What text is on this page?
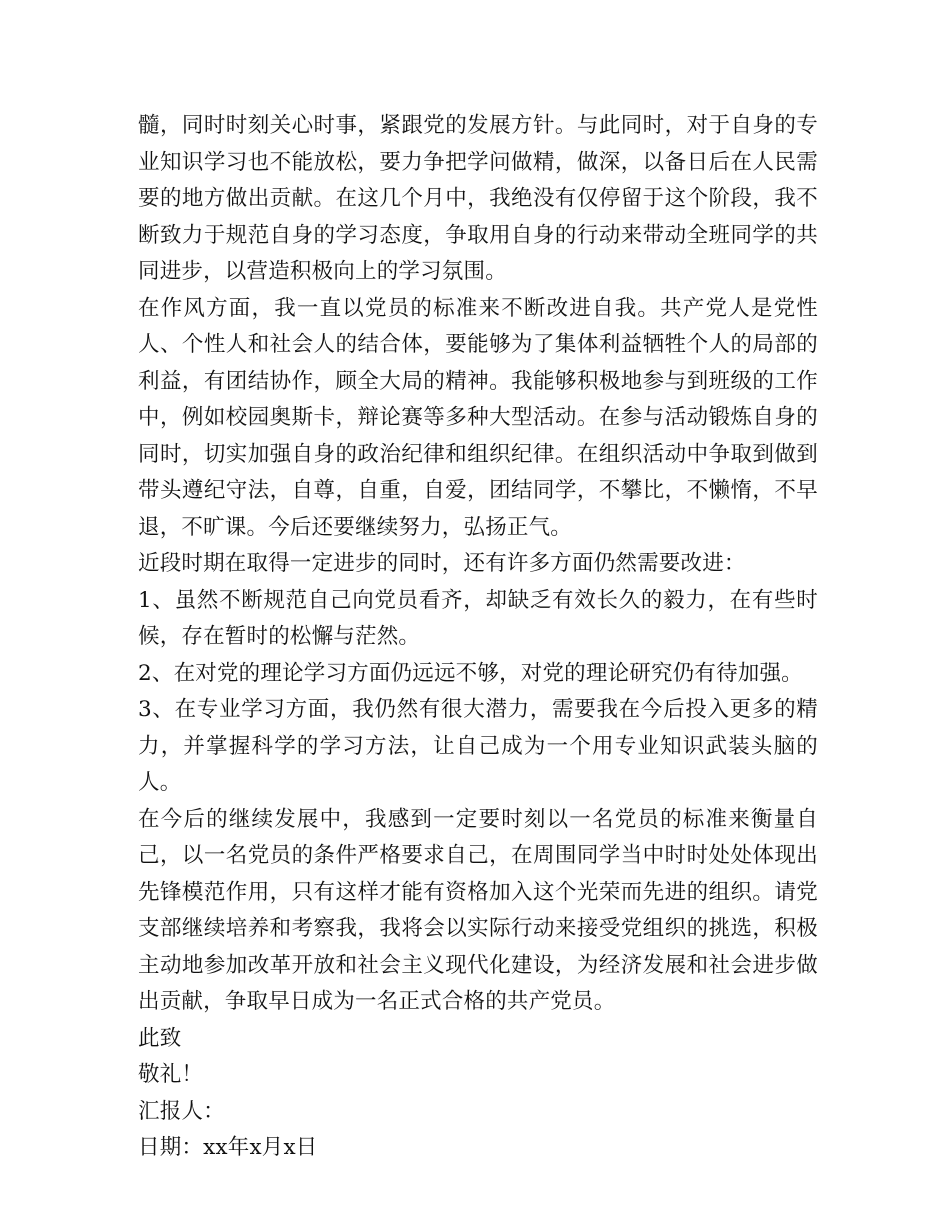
髓，同时时刻关心时事，紧跟党的发展方针。与此同时，对于自身的专业知识学习也不能放松，要力争把学问做精，做深，以备日后在人民需要的地方做出贡献。在这几个月中，我绝没有仅停留于这个阶段，我不断致力于规范自身的学习态度，争取用自身的行动来带动全班同学的共同进步，以营造积极向上的学习氛围。

在作风方面，我一直以党员的标准来不断改进自我。共产党人是党性人、个性人和社会人的结合体，要能够为了集体利益牺牲个人的局部的利益，有团结协作，顾全大局的精神。我能够积极地参与到班级的工作中，例如校园奥斯卡，辩论赛等多种大型活动。在参与活动锻炼自身的同时，切实加强自身的政治纪律和组织纪律。在组织活动中争取到做到带头遵纪守法，自尊，自重，自爱，团结同学，不攀比，不懒惰，不早退，不旷课。今后还要继续努力，弘扬正气。

近段时期在取得一定进步的同时，还有许多方面仍然需要改进：

1、虽然不断规范自己向党员看齐，却缺乏有效长久的毅力，在有些时候，存在暂时的松懈与茫然。

2、在对党的理论学习方面仍远远不够，对党的理论研究仍有待加强。

3、在专业学习方面，我仍然有很大潜力，需要我在今后投入更多的精力，并掌握科学的学习方法，让自己成为一个用专业知识武装头脑的人。

在今后的继续发展中，我感到一定要时刻以一名党员的标准来衡量自己，以一名党员的条件严格要求自己，在周围同学当中时时处处体现出先锋模范作用，只有这样才能有资格加入这个光荣而先进的组织。请党支部继续培养和考察我，我将会以实际行动来接受党组织的挑选，积极主动地参加改革开放和社会主义现代化建设，为经济发展和社会进步做出贡献，争取早日成为一名正式合格的共产党员。

此致

敬礼！

汇报人：

日期：xx年x月x日
